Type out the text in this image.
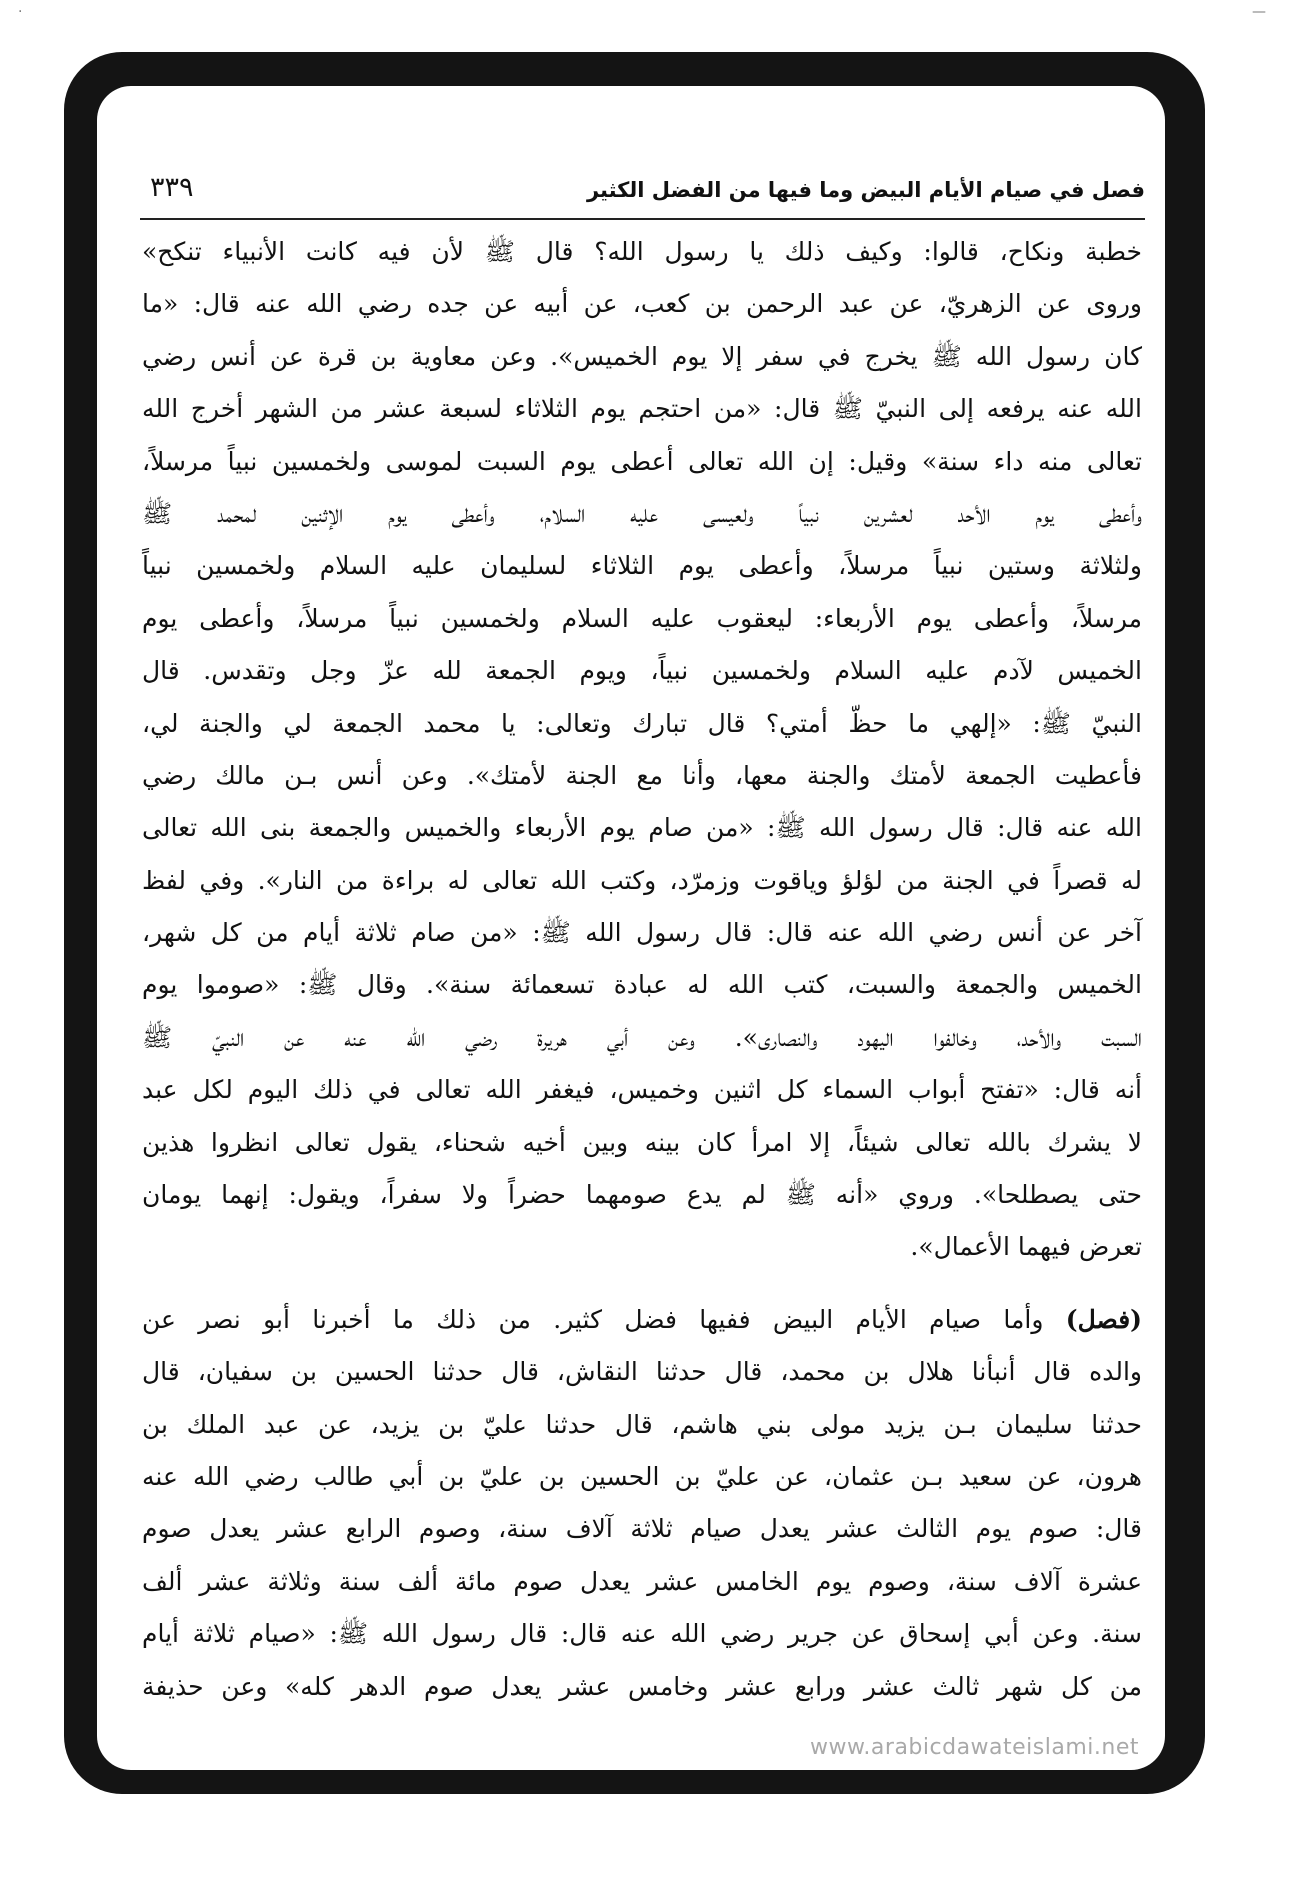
·	—
فصل في صيام الأيام البيض وما فيها من الفضل الكثير
٣٣٩
خطبة ونكاح، قالوا: وكيف ذلك يا رسول الله؟ قال ﷺ لأن فيه كانت الأنبياء تنكح»
وروى عن الزهريّ، عن عبد الرحمن بن كعب، عن أبيه عن جده رضي الله عنه قال: «ما
كان رسول الله ﷺ يخرج في سفر إلا يوم الخميس». وعن معاوية بن قرة عن أنس رضي
الله عنه يرفعه إلى النبيّ ﷺ قال: «من احتجم يوم الثلاثاء لسبعة عشر من الشهر أخرج الله
تعالى منه داء سنة» وقيل: إن الله تعالى أعطى يوم السبت لموسى ولخمسين نبياً مرسلاً،
وأعطى يوم الأحد لعشرين نبياً ولعيسى عليه السلام، وأعطى يوم الإثنين لمحمد ﷺ
ولثلاثة وستين نبياً مرسلاً، وأعطى يوم الثلاثاء لسليمان عليه السلام ولخمسين نبياً
مرسلاً، وأعطى يوم الأربعاء: ليعقوب عليه السلام ولخمسين نبياً مرسلاً، وأعطى يوم
الخميس لآدم عليه السلام ولخمسين نبياً، ويوم الجمعة لله عزّ وجل وتقدس. قال
النبيّ ﷺ: «إلهي ما حظّ أمتي؟ قال تبارك وتعالى: يا محمد الجمعة لي والجنة لي،
فأعطيت الجمعة لأمتك والجنة معها، وأنا مع الجنة لأمتك». وعن أنس بـن مالك رضي
الله عنه قال: قال رسول الله ﷺ: «من صام يوم الأربعاء والخميس والجمعة بنى الله تعالى
له قصراً في الجنة من لؤلؤ وياقوت وزمرّد، وكتب الله تعالى له براءة من النار». وفي لفظ
آخر عن أنس رضي الله عنه قال: قال رسول الله ﷺ: «من صام ثلاثة أيام من كل شهر،
الخميس والجمعة والسبت، كتب الله له عبادة تسعمائة سنة». وقال ﷺ: «صوموا يوم
السبت والأحد، وخالفوا اليهود والنصارى». وعن أبي هريرة رضي الله عنه عن النبيّ ﷺ
أنه قال: «تفتح أبواب السماء كل اثنين وخميس، فيغفر الله تعالى في ذلك اليوم لكل عبد
لا يشرك بالله تعالى شيئاً، إلا امرأ كان بينه وبين أخيه شحناء، يقول تعالى انظروا هذين
حتى يصطلحا». وروي «أنه ﷺ لم يدع صومهما حضراً ولا سفراً، ويقول: إنهما يومان
تعرض فيهما الأعمال».
(فصل) وأما صيام الأيام البيض ففيها فضل كثير. من ذلك ما أخبرنا أبو نصر عن
والده قال أنبأنا هلال بن محمد، قال حدثنا النقاش، قال حدثنا الحسين بن سفيان، قال
حدثنا سليمان بـن يزيد مولى بني هاشم، قال حدثنا عليّ بن يزيد، عن عبد الملك بن
هرون، عن سعيد بـن عثمان، عن عليّ بن الحسين بن عليّ بن أبي طالب رضي الله عنه
قال: صوم يوم الثالث عشر يعدل صيام ثلاثة آلاف سنة، وصوم الرابع عشر يعدل صوم
عشرة آلاف سنة، وصوم يوم الخامس عشر يعدل صوم مائة ألف سنة وثلاثة عشر ألف
سنة. وعن أبي إسحاق عن جرير رضي الله عنه قال: قال رسول الله ﷺ: «صيام ثلاثة أيام
من كل شهر ثالث عشر ورابع عشر وخامس عشر يعدل صوم الدهر كله» وعن حذيفة
www.arabicdawateislami.net
